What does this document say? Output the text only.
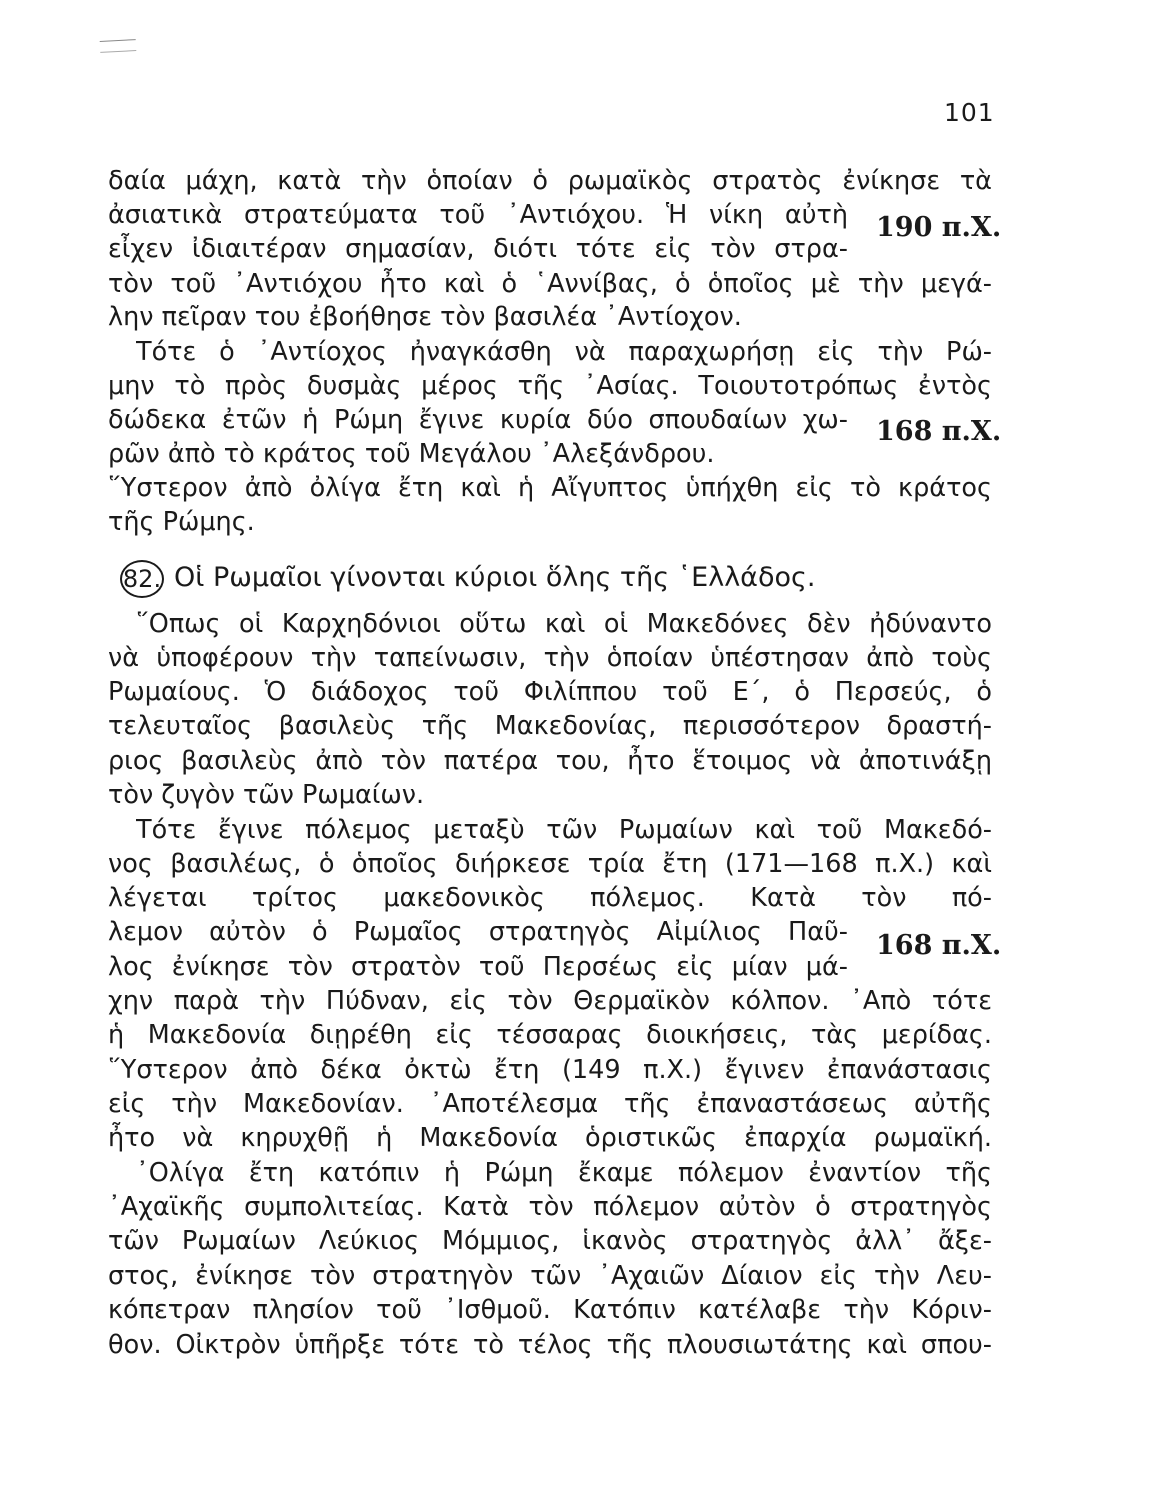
101
δαία μάχη, κατὰ τὴν ὁποίαν ὁ ρωμαϊκὸς στρατὸς ἐνίκησε τὰ
ἀσιατικὰ στρατεύματα τοῦ ᾿Αντιόχου. Ἡ νίκη αὐτὴ
εἶχεν ἰδιαιτέραν σημασίαν, διότι τότε εἰς τὸν στρα-
τὸν τοῦ ᾿Αντιόχου ἦτο καὶ ὁ ῾Αννίβας, ὁ ὁποῖος μὲ τὴν μεγά-
λην πεῖραν του ἐβοήθησε τὸν βασιλέα ᾿Αντίοχον.
190 π.Χ.
Τότε ὁ ᾿Αντίοχος ἠναγκάσθη νὰ παραχωρήσῃ εἰς τὴν Ρώ-
μην τὸ πρὸς δυσμὰς μέρος τῆς ᾿Ασίας. Τοιουτοτρόπως ἐντὸς
δώδεκα ἐτῶν ἡ Ρώμη ἔγινε κυρία δύο σπουδαίων χω-
ρῶν ἀπὸ τὸ κράτος τοῦ Μεγάλου ᾿Αλεξάνδρου.
῞Υστερον ἀπὸ ὀλίγα ἔτη καὶ ἡ Αἴγυπτος ὑπήχθη εἰς τὸ κράτος
τῆς Ρώμης.
168 π.Χ.
82. Οἱ Ρωμαῖοι γίνονται κύριοι ὅλης τῆς ῾Ελλάδος.
῞Οπως οἱ Καρχηδόνιοι οὕτω καὶ οἱ Μακεδόνες δὲν ἠδύναντο
νὰ ὑποφέρουν τὴν ταπείνωσιν, τὴν ὁποίαν ὑπέστησαν ἀπὸ τοὺς
Ρωμαίους. Ὁ διάδοχος τοῦ Φιλίππου τοῦ Ε΄, ὁ Περσεύς, ὁ
τελευταῖος βασιλεὺς τῆς Μακεδονίας, περισσότερον δραστή-
ριος βασιλεὺς ἀπὸ τὸν πατέρα του, ἦτο ἕτοιμος νὰ ἀποτινάξῃ
τὸν ζυγὸν τῶν Ρωμαίων.
Τότε ἔγινε πόλεμος μεταξὺ τῶν Ρωμαίων καὶ τοῦ Μακεδό-
νος βασιλέως, ὁ ὁποῖος διήρκεσε τρία ἔτη (171—168 π.Χ.) καὶ
λέγεται τρίτος μακεδονικὸς πόλεμος. Κατὰ τὸν πό-
λεμον αὐτὸν ὁ Ρωμαῖος στρατηγὸς Αἰμίλιος Παῦ-
λος ἐνίκησε τὸν στρατὸν τοῦ Περσέως εἰς μίαν μά-
χην παρὰ τὴν Πύδναν, εἰς τὸν Θερμαϊκὸν κόλπον. ᾿Απὸ τότε
ἡ Μακεδονία διῃρέθη εἰς τέσσαρας διοικήσεις, τὰς μερίδας.
῞Υστερον ἀπὸ δέκα ὀκτὼ ἔτη (149 π.Χ.) ἔγινεν ἐπανάστασις
εἰς τὴν Μακεδονίαν. ᾿Αποτέλεσμα τῆς ἐπαναστάσεως αὐτῆς
ἦτο νὰ κηρυχθῇ ἡ Μακεδονία ὁριστικῶς ἐπαρχία ρωμαϊκή.
168 π.Χ.
᾿Ολίγα ἔτη κατόπιν ἡ Ρώμη ἔκαμε πόλεμον ἐναντίον τῆς
᾿Αχαϊκῆς συμπολιτείας. Κατὰ τὸν πόλεμον αὐτὸν ὁ στρατηγὸς
τῶν Ρωμαίων Λεύκιος Μόμμιος, ἱκανὸς στρατηγὸς ἀλλ᾿ ἄξε-
στος, ἐνίκησε τὸν στρατηγὸν τῶν ᾿Αχαιῶν Δίαιον εἰς τὴν Λευ-
κόπετραν πλησίον τοῦ ᾿Ισθμοῦ. Κατόπιν κατέλαβε τὴν Κόριν-
θον. Οἰκτρὸν ὑπῆρξε τότε τὸ τέλος τῆς πλουσιωτάτης καὶ σπου-
